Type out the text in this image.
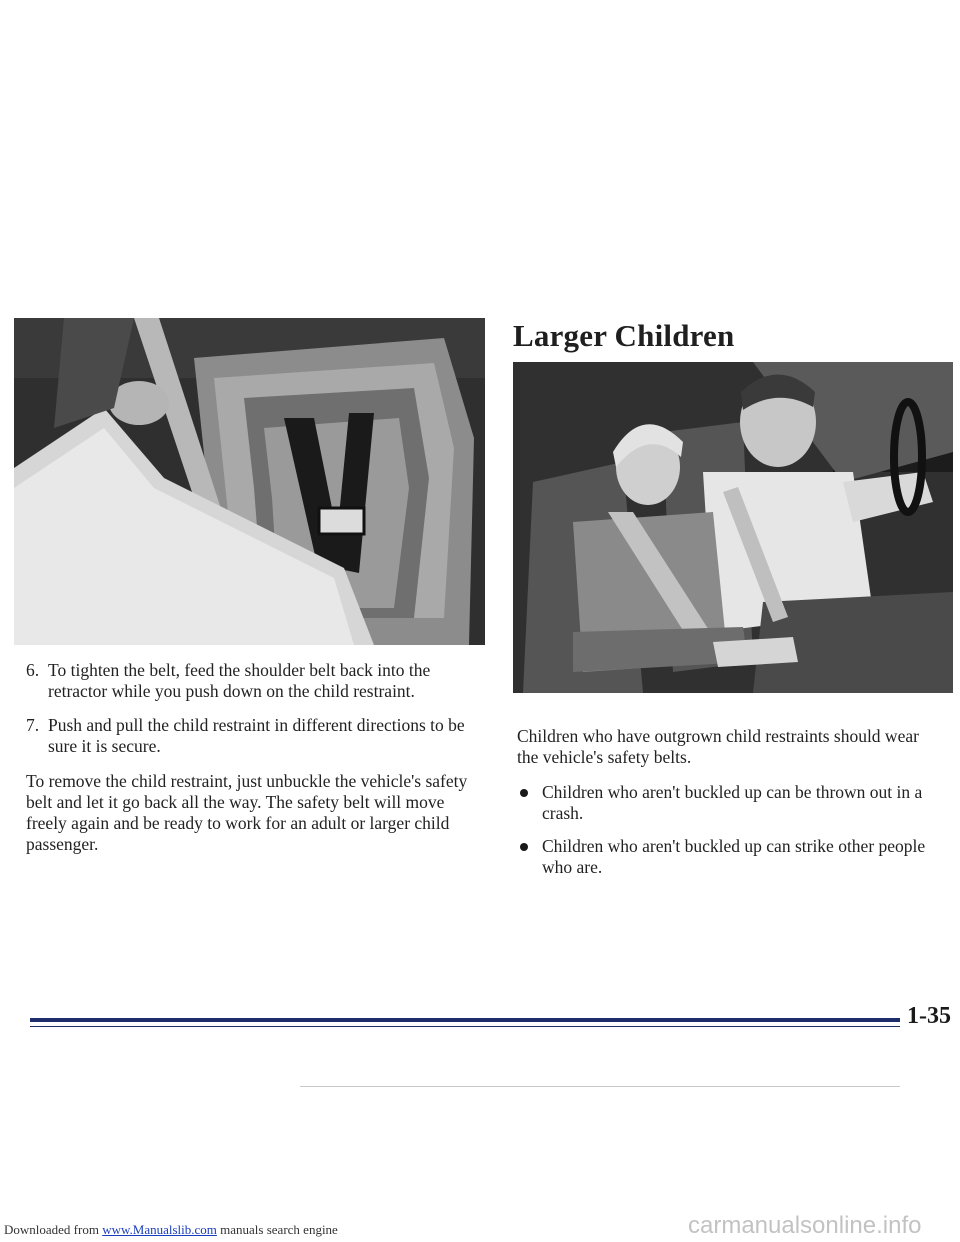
Larger Children
6. To tighten the belt, feed the shoulder belt back into the retractor while you push down on the child restraint.
7. Push and pull the child restraint in different directions to be sure it is secure.
To remove the child restraint, just unbuckle the vehicle's safety belt and let it go back all the way. The safety belt will move freely again and be ready to work for an adult or larger child passenger.
Children who have outgrown child restraints should wear the vehicle's safety belts.
Children who aren't buckled up can be thrown out in a crash.
Children who aren't buckled up can strike other people who are.
1-35
Downloaded from www.Manualslib.com manuals search engine	carmanualsonline.info
